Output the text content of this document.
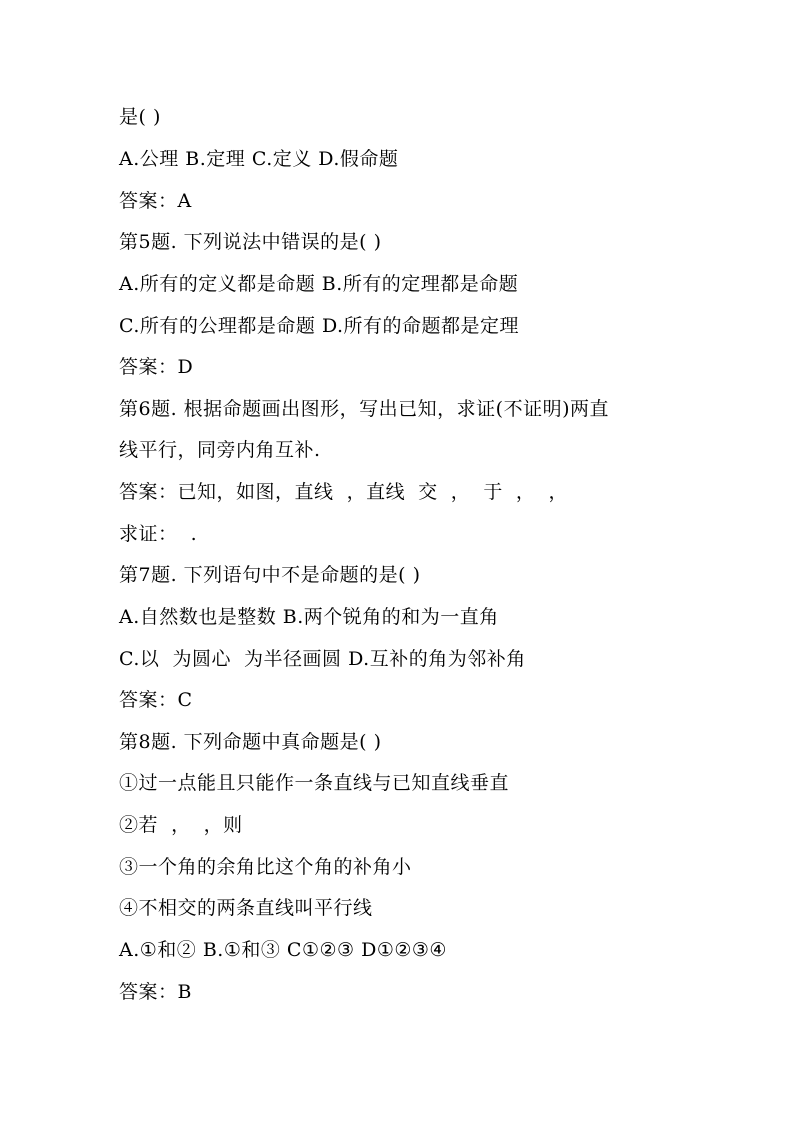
是( )
A.公理 B.定理 C.定义 D.假命题
答案：A
第5题. 下列说法中错误的是( )
A.所有的定义都是命题 B.所有的定理都是命题
C.所有的公理都是命题 D.所有的命题都是定理
答案：D
第6题. 根据命题画出图形，写出已知，求证(不证明)两直
线平行，同旁内角互补.
答案：已知，如图，直线  ，直线  交  ，  于  ，  ，
求证：  .
第7题. 下列语句中不是命题的是( )
A.自然数也是整数 B.两个锐角的和为一直角
C.以  为圆心  为半径画圆 D.互补的角为邻补角
答案：C
第8题. 下列命题中真命题是( )
①过一点能且只能作一条直线与已知直线垂直
②若  ，  ，则
③一个角的余角比这个角的补角小
④不相交的两条直线叫平行线
A.①和② B.①和③ C①②③ D①②③④
答案：B
